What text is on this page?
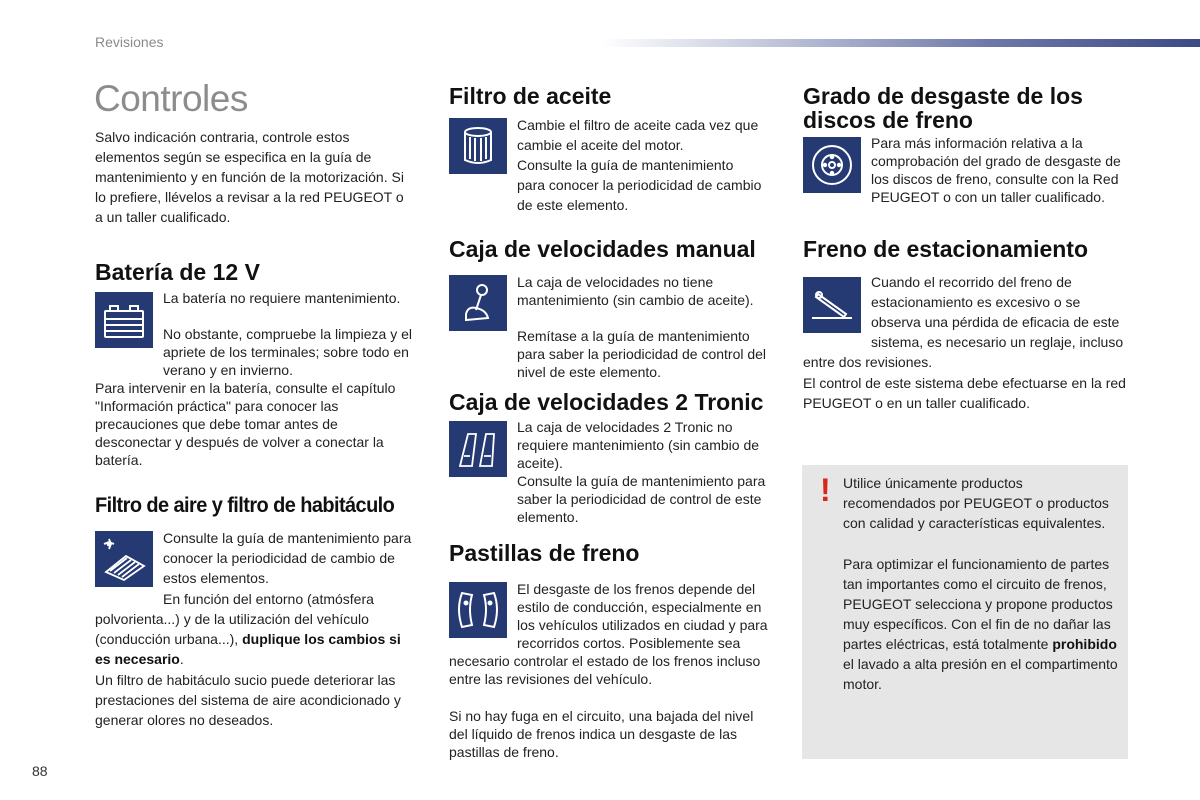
Revisiones
88
Controles
Salvo indicación contraria, controle estos elementos según se especifica en la guía de mantenimiento y en función de la motorización. Si lo prefiere, llévelos a revisar a la red PEUGEOT o a un taller cualificado.
Batería de 12 V
La batería no requiere mantenimiento.
No obstante, compruebe la limpieza y el apriete de los terminales; sobre todo en verano y en invierno.
Para intervenir en la batería, consulte el capítulo "Información práctica" para conocer las precauciones que debe tomar antes de desconectar y después de volver a conectar la batería.
Filtro de aire y filtro de habitáculo
Consulte la guía de mantenimiento para conocer la periodicidad de cambio de estos elementos.
En función del entorno (atmósfera polvorienta...) y de la utilización del vehículo (conducción urbana...), duplique los cambios si es necesario.
Un filtro de habitáculo sucio puede deteriorar las prestaciones del sistema de aire acondicionado y generar olores no deseados.
Filtro de aceite
Cambie el filtro de aceite cada vez que cambie el aceite del motor.
Consulte la guía de mantenimiento para conocer la periodicidad de cambio de este elemento.
Caja de velocidades manual
La caja de velocidades no tiene mantenimiento (sin cambio de aceite).
Remítase a la guía de mantenimiento para saber la periodicidad de control del nivel de este elemento.
Caja de velocidades 2 Tronic
La caja de velocidades 2 Tronic no requiere mantenimiento (sin cambio de aceite).
Consulte la guía de mantenimiento para saber la periodicidad de control de este elemento.
Pastillas de freno
El desgaste de los frenos depende del estilo de conducción, especialmente en los vehículos utilizados en ciudad y para recorridos cortos. Posiblemente sea necesario controlar el estado de los frenos incluso entre las revisiones del vehículo.
Si no hay fuga en el circuito, una bajada del nivel del líquido de frenos indica un desgaste de las pastillas de freno.
Grado de desgaste de los
discos de freno
Para más información relativa a la comprobación del grado de desgaste de los discos de freno, consulte con la Red PEUGEOT o con un taller cualificado.
Freno de estacionamiento
Cuando el recorrido del freno de estacionamiento es excesivo o se observa una pérdida de eficacia de este sistema, es necesario un reglaje, incluso entre dos revisiones.
El control de este sistema debe efectuarse en la red PEUGEOT o en un taller cualificado.
! Utilice únicamente productos recomendados por PEUGEOT o productos con calidad y características equivalentes.
Para optimizar el funcionamiento de partes tan importantes como el circuito de frenos, PEUGEOT selecciona y propone productos muy específicos. Con el fin de no dañar las partes eléctricas, está totalmente prohibido el lavado a alta presión en el compartimento motor.
